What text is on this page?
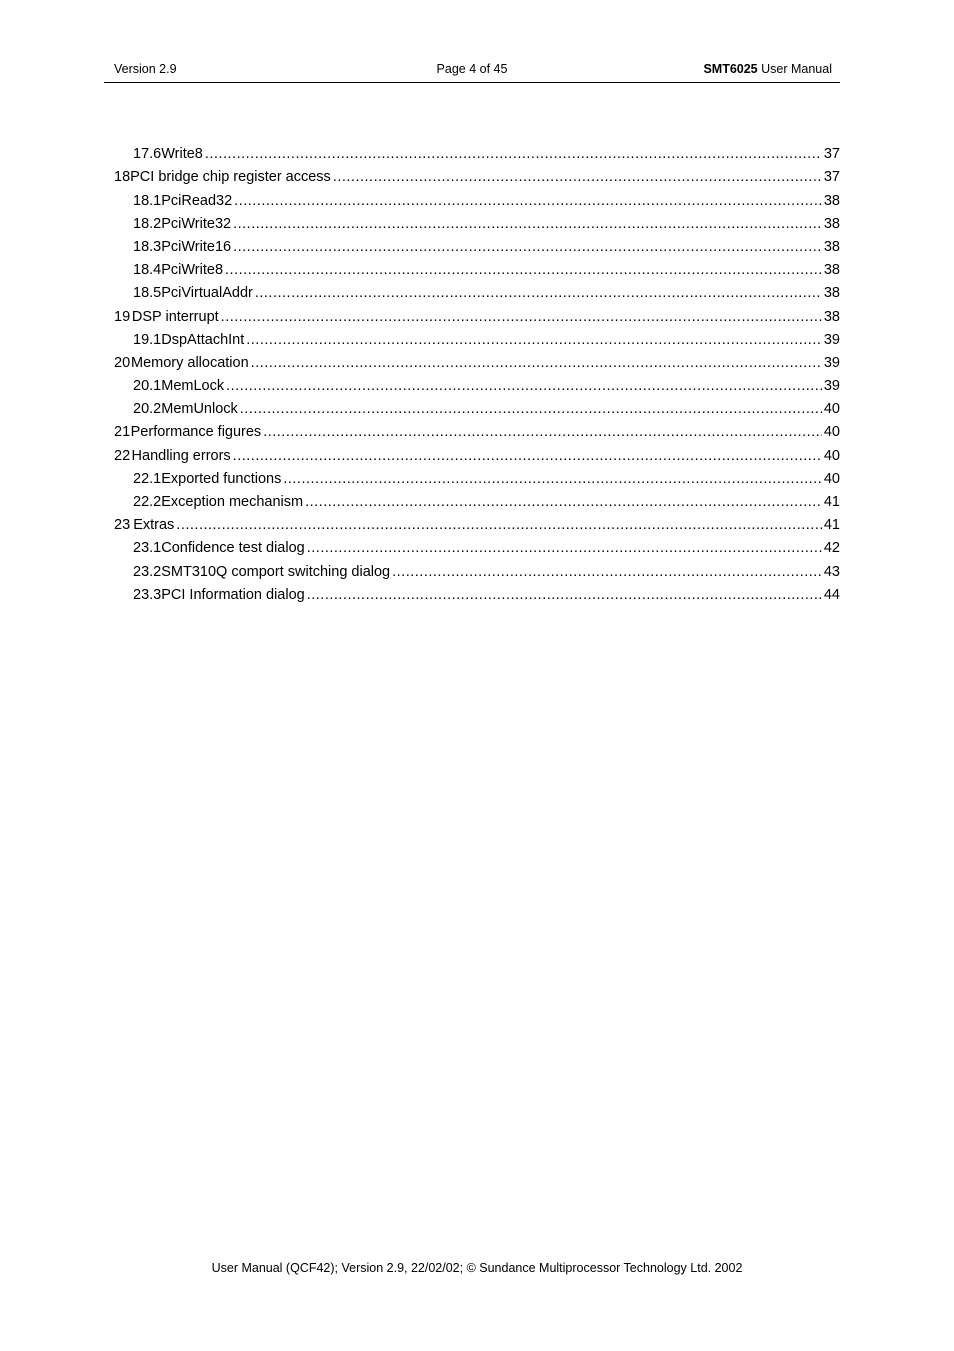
Version 2.9	Page 4 of 45	SMT6025 User Manual
17.6 Write8 .....	37
18 PCI bridge chip register access .....	37
18.1 PciRead32 .....	38
18.2 PciWrite32 .....	38
18.3 PciWrite16 .....	38
18.4 PciWrite8 .....	38
18.5 PciVirtualAddr .....	38
19 DSP interrupt .....	38
19.1 DspAttachInt .....	39
20 Memory allocation .....	39
20.1 MemLock .....	39
20.2 MemUnlock .....	40
21 Performance figures .....	40
22 Handling errors .....	40
22.1 Exported functions .....	40
22.2 Exception mechanism .....	41
23 Extras .....	41
23.1 Confidence test dialog .....	42
23.2 SMT310Q comport switching dialog .....	43
23.3 PCI Information dialog .....	44
User Manual (QCF42); Version 2.9, 22/02/02; © Sundance Multiprocessor Technology Ltd. 2002
